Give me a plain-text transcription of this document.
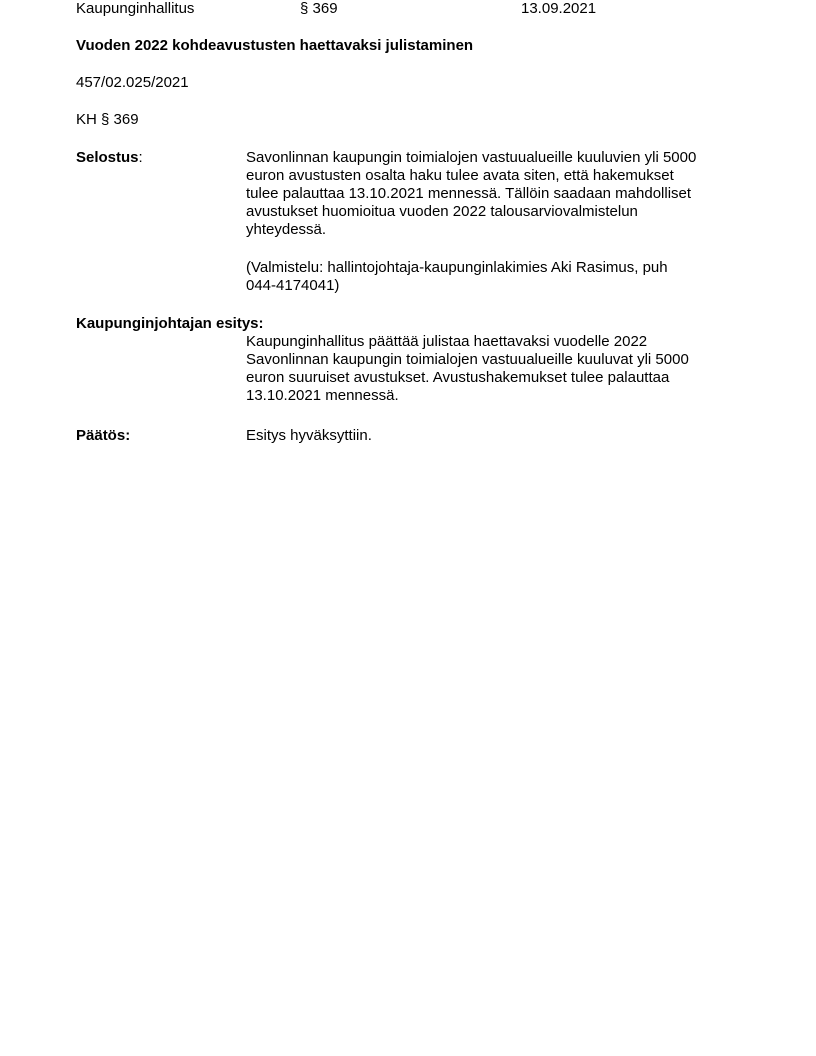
Kaupunginhallitus	§ 369	13.09.2021
Vuoden 2022 kohdeavustusten haettavaksi julistaminen
457/02.025/2021
KH § 369
Selostus:	Savonlinnan kaupungin toimialojen vastuualueille kuuluvien yli 5000
euron avustusten osalta haku tulee avata siten, että hakemukset
tulee palauttaa 13.10.2021 mennessä. Tällöin saadaan mahdolliset
avustukset huomioitua vuoden 2022 talousarviovalmistelun
yhteydessä.
(Valmistelu: hallintojohtaja-kaupunginlakimies Aki Rasimus, puh
044-4174041)
Kaupunginjohtajan esitys:
Kaupunginhallitus päättää julistaa haettavaksi vuodelle 2022
Savonlinnan kaupungin toimialojen vastuualueille kuuluvat yli 5000
euron suuruiset avustukset. Avustushakemukset tulee palauttaa
13.10.2021 mennessä.
Päätös:	Esitys hyväksyttiin.
